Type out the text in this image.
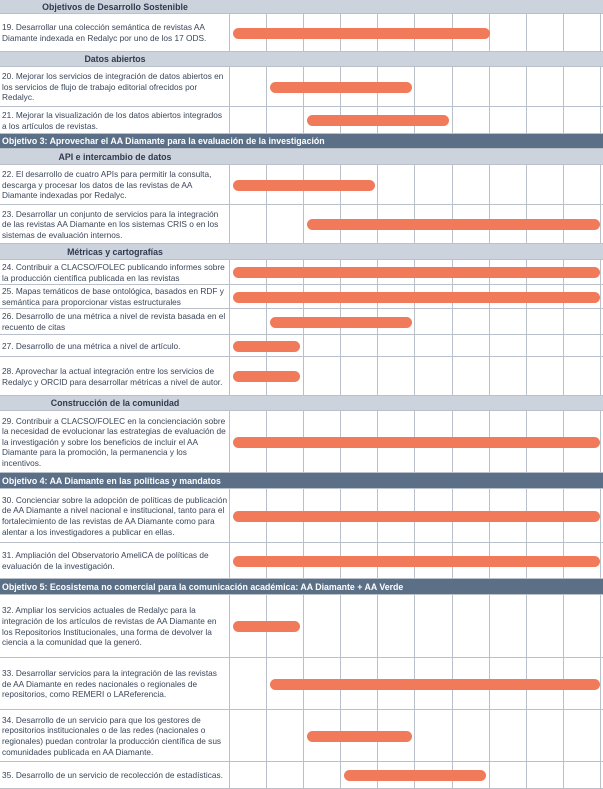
Objetivos de Desarrollo Sostenible
19. Desarrollar una colección semántica de revistas AA Diamante indexada en Redalyc por uno de los 17 ODS.
Datos abiertos
20. Mejorar los servicios de integración de datos abiertos en los servicios de flujo de trabajo editorial ofrecidos por Redalyc.
21. Mejorar la visualización de los datos abiertos integrados a los artículos de revistas.
Objetivo 3: Aprovechar el AA Diamante para la evaluación de la investigación
API e intercambio de datos
22. El desarrollo de cuatro APIs para permitir la consulta, descarga y procesar los datos de las revistas de AA Diamante indexadas por Redalyc.
23. Desarrollar un conjunto de servicios para la integración de las revistas AA Diamante en los sistemas CRIS o en los sistemas de evaluación internos.
Métricas y cartografías
24. Contribuir a CLACSO/FOLEC publicando informes sobre la producción científica publicada en las revistas
25. Mapas temáticos de base ontológica, basados en RDF y semántica para proporcionar vistas estructurales
26. Desarrollo de una métrica a nivel de revista basada en el recuento de citas
27. Desarrollo de una métrica a nivel de artículo.
28. Aprovechar la actual integración entre los servicios de Redalyc y ORCID para desarrollar métricas a nivel de autor.
Construcción de la comunidad
29. Contribuir a CLACSO/FOLEC en la concienciación sobre la necesidad de evolucionar las estrategias de evaluación de la investigación y sobre los beneficios de incluir el AA Diamante para la promoción, la permanencia y los incentivos.
Objetivo 4: AA Diamante en las políticas y mandatos
30. Concienciar sobre la adopción de políticas de publicación de AA Diamante a nivel nacional e institucional, tanto para el fortalecimiento de las revistas de AA Diamante como para alentar a los investigadores a publicar en ellas.
31. Ampliación del Observatorio AmeliCA de políticas de evaluación de la investigación.
Objetivo 5: Ecosistema no comercial para la comunicación académica: AA Diamante + AA Verde
32. Ampliar los servicios actuales de Redalyc para la integración de los artículos de revistas de AA Diamante en los Repositorios Institucionales, una forma de devolver la ciencia a la comunidad que la generó.
33. Desarrollar servicios para la integración de las revistas de AA Diamante en redes nacionales o regionales de repositorios, como REMERI o LAReferencia.
34. Desarrollo de un servicio para que los gestores de repositorios institucionales o de las redes (nacionales o regionales) puedan controlar la producción científica de sus comunidades publicada en AA Diamante.
35. Desarrollo de un servicio de recolección de estadísticas.
